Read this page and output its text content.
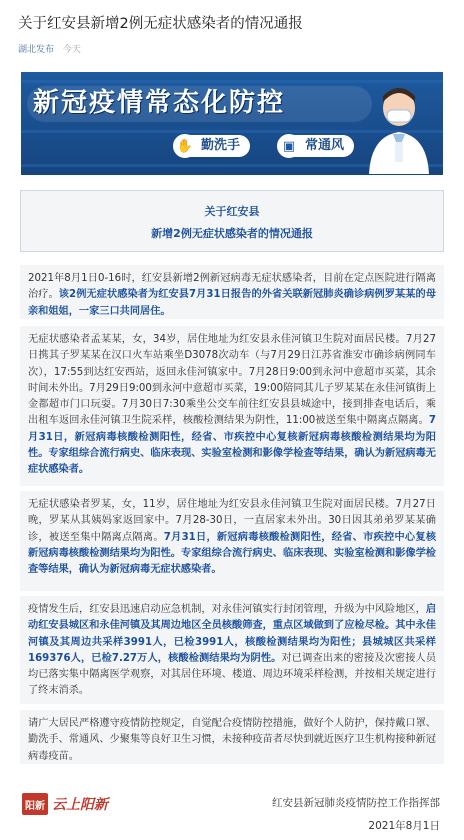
关于红安县新增2例无症状感染者的情况通报
湖北发布 今天
新冠疫情常态化防控
✋ 勤洗手	▣ 常通风
关于红安县
新增2例无症状感染者的情况通报
2021年8月1日0-16时，红安县新增2例新冠病毒无症状感染者，目前在定点医院进行隔离治疗。该2例无症状感染者为红安县7月31日报告的外省关联新冠肺炎确诊病例罗某某的母亲和姐姐，一家三口共同居住。
无症状感染者孟某某，女，34岁，居住地址为红安县永佳河镇卫生院对面居民楼。7月27日携其子罗某某在汉口火车站乘坐D3078次动车（与7月29日江苏省淮安市确诊病例同车次），17:55到达红安西站，返回永佳河镇家中。7月28日9:00到永河中意超市买菜，其余时间未外出。7月29日9:00到永河中意超市买菜，19:00陪同其儿子罗某某在永佳河镇街上金都超市门口玩耍。7月30日7:30乘坐公交车前往红安县县城途中，接到排查电话后，乘出租车返回永佳河镇卫生院采样，核酸检测结果为阴性，11:00被送至集中隔离点隔离。7月31日，新冠病毒核酸检测阳性，经省、市疾控中心复核新冠病毒核酸检测结果均为阳性。专家组综合流行病史、临床表现、实验室检测和影像学检查等结果，确认为新冠病毒无症状感染者。
无症状感染者罗某，女，11岁，居住地址为红安县永佳河镇卫生院对面居民楼。7月27日晚，罗某从其姨妈家返回家中。7月28-30日，一直居家未外出。30日因其弟弟罗某某确诊，被送至集中隔离点隔离。7月31日，新冠病毒核酸检测阳性，经省、市疾控中心复核新冠病毒核酸检测结果均为阳性。专家组综合流行病史、临床表现、实验室检测和影像学检查等结果，确认为新冠病毒无症状感染者。
疫情发生后，红安县迅速启动应急机制，对永佳河镇实行封闭管理，升级为中风险地区，启动红安县城区和永佳河镇及其周边地区全员核酸筛查，重点区域做到了应检尽检。其中永佳河镇及其周边共采样3991人，已检3991人，核酸检测结果均为阳性；县城城区共采样169376人，已检7.27万人，核酸检测结果均为阴性。对已调查出来的密接及次密接人员均已落实集中隔离医学观察，对其居住环境、楼道、周边环境采样检测，并按相关规定进行了终末消杀。
请广大居民严格遵守疫情防控规定，自觉配合疫情防控措施，做好个人防护，保持戴口罩、勤洗手、常通风、少聚集等良好卫生习惯，未接种疫苗者尽快到就近医疗卫生机构接种新冠病毒疫苗。
阳新 云上阳新	红安县新冠肺炎疫情防控工作指挥部
2021年8月1日
